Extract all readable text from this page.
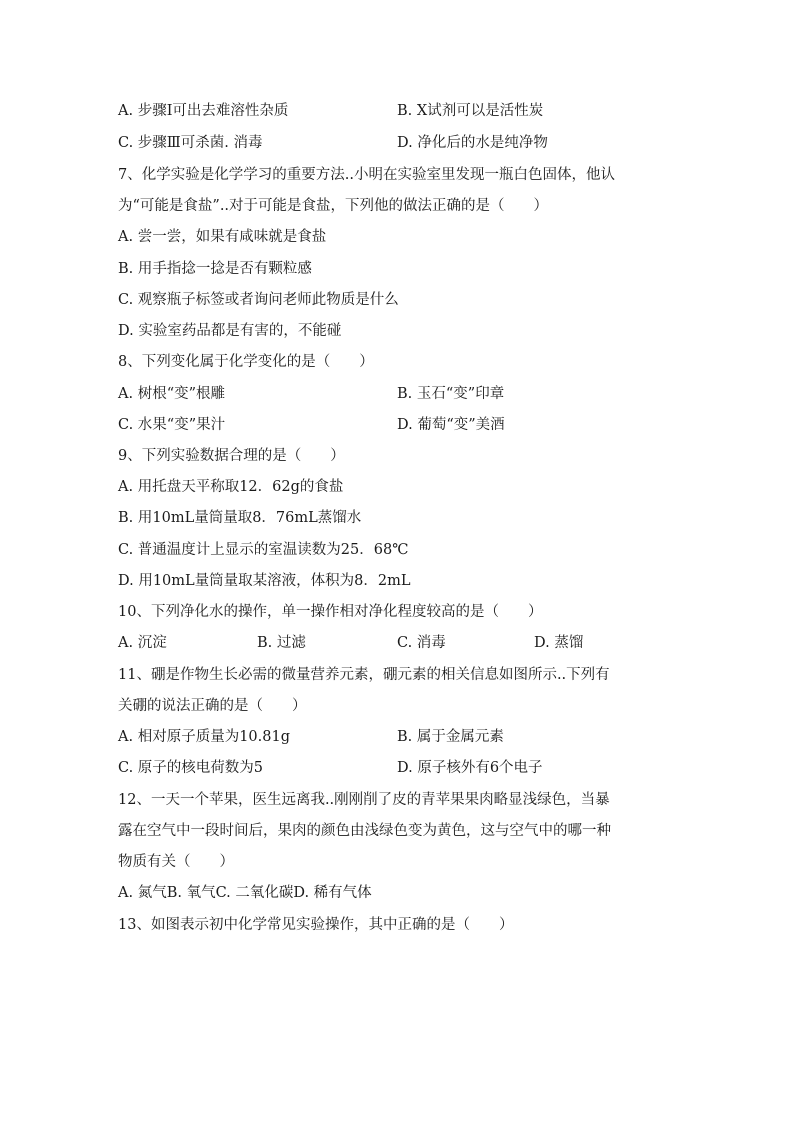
A. 步骤Ⅰ可出去难溶性杂质	B. X试剂可以是活性炭
C. 步骤Ⅲ可杀菌. 消毒	D. 净化后的水是纯净物
7、化学实验是化学学习的重要方法..小明在实验室里发现一瓶白色固体，他认
为“可能是食盐”..对于可能是食盐，下列他的做法正确的是（　　）
A. 尝一尝，如果有咸味就是食盐
B. 用手指捻一捻是否有颗粒感
C. 观察瓶子标签或者询问老师此物质是什么
D. 实验室药品都是有害的，不能碰
8、下列变化属于化学变化的是（　　）
A. 树根“变”根雕	B. 玉石“变”印章
C. 水果“变”果汁	D. 葡萄“变”美酒
9、下列实验数据合理的是（　　）
A. 用托盘天平称取12．62g的食盐
B. 用10mL量筒量取8．76mL蒸馏水
C. 普通温度计上显示的室温读数为25．68℃
D. 用10mL量筒量取某溶液，体积为8．2mL
10、下列净化水的操作，单一操作相对净化程度较高的是（　　）
A. 沉淀	B. 过滤	C. 消毒	D. 蒸馏
11、硼是作物生长必需的微量营养元素，硼元素的相关信息如图所示..下列有
关硼的说法正确的是（　　）
A. 相对原子质量为10.81g	B. 属于金属元素
C. 原子的核电荷数为5	D. 原子核外有6个电子
12、一天一个苹果，医生远离我..刚刚削了皮的青苹果果肉略显浅绿色，当暴
露在空气中一段时间后，果肉的颜色由浅绿色变为黄色，这与空气中的哪一种
物质有关（　　）
A. 氮气B. 氧气C. 二氧化碳D. 稀有气体
13、如图表示初中化学常见实验操作，其中正确的是（　　）
